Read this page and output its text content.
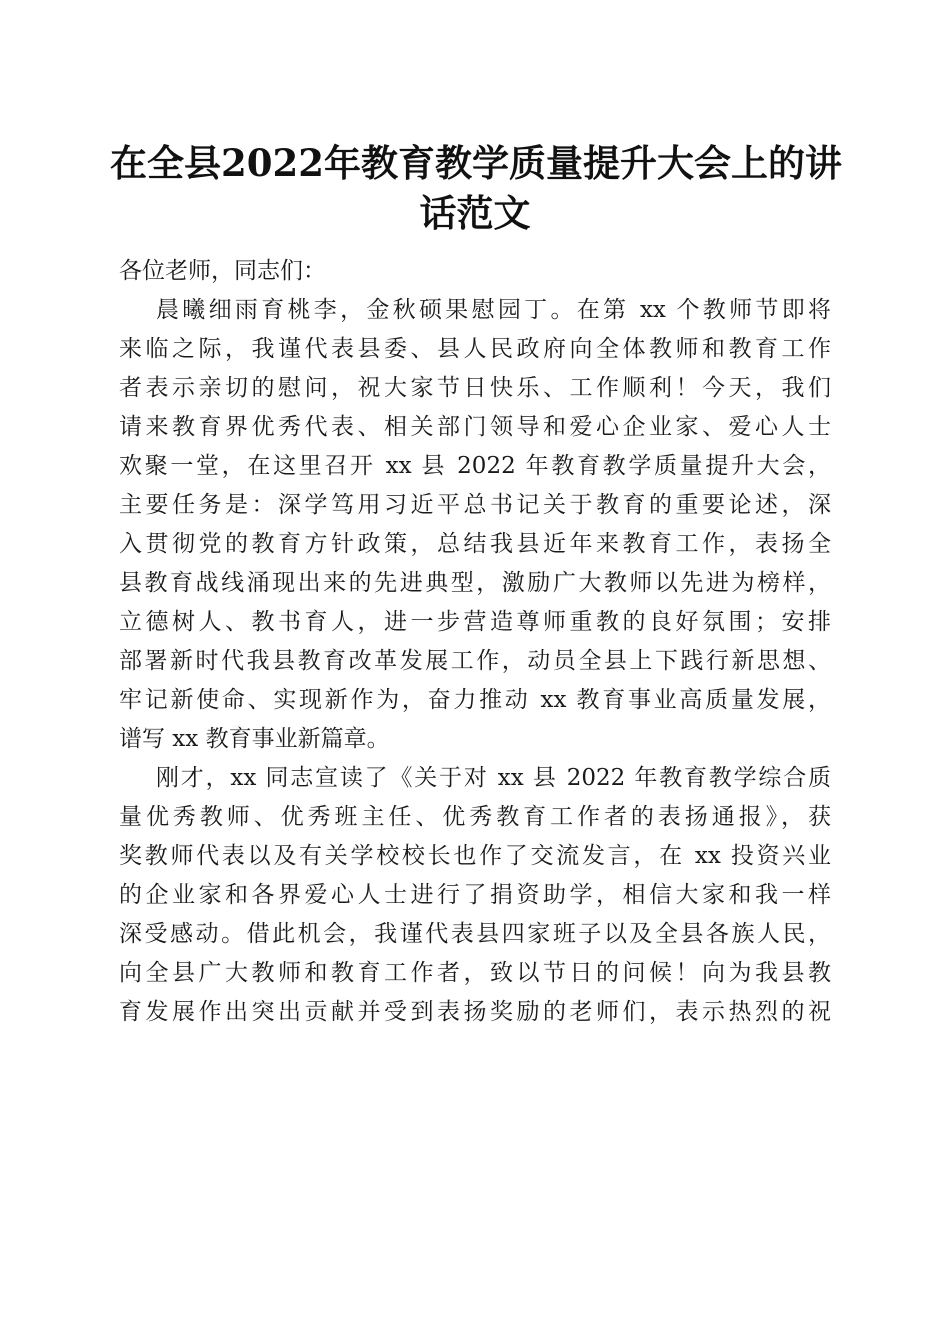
在全县2022年教育教学质量提升大会上的讲
话范文
各位老师，同志们：
晨曦细雨育桃李，金秋硕果慰园丁。在第 xx 个教师节即将
来临之际，我谨代表县委、县人民政府向全体教师和教育工作
者表示亲切的慰问，祝大家节日快乐、工作顺利！今天，我们
请来教育界优秀代表、相关部门领导和爱心企业家、爱心人士
欢聚一堂，在这里召开 xx 县 2022 年教育教学质量提升大会，
主要任务是：深学笃用习近平总书记关于教育的重要论述，深
入贯彻党的教育方针政策，总结我县近年来教育工作，表扬全
县教育战线涌现出来的先进典型，激励广大教师以先进为榜样，
立德树人、教书育人，进一步营造尊师重教的良好氛围；安排
部署新时代我县教育改革发展工作，动员全县上下践行新思想、
牢记新使命、实现新作为，奋力推动 xx 教育事业高质量发展，
谱写 xx 教育事业新篇章。
刚才，xx 同志宣读了《关于对 xx 县 2022 年教育教学综合质
量优秀教师、优秀班主任、优秀教育工作者的表扬通报》，获
奖教师代表以及有关学校校长也作了交流发言，在 xx 投资兴业
的企业家和各界爱心人士进行了捐资助学，相信大家和我一样
深受感动。借此机会，我谨代表县四家班子以及全县各族人民，
向全县广大教师和教育工作者，致以节日的问候！向为我县教
育发展作出突出贡献并受到表扬奖励的老师们，表示热烈的祝
